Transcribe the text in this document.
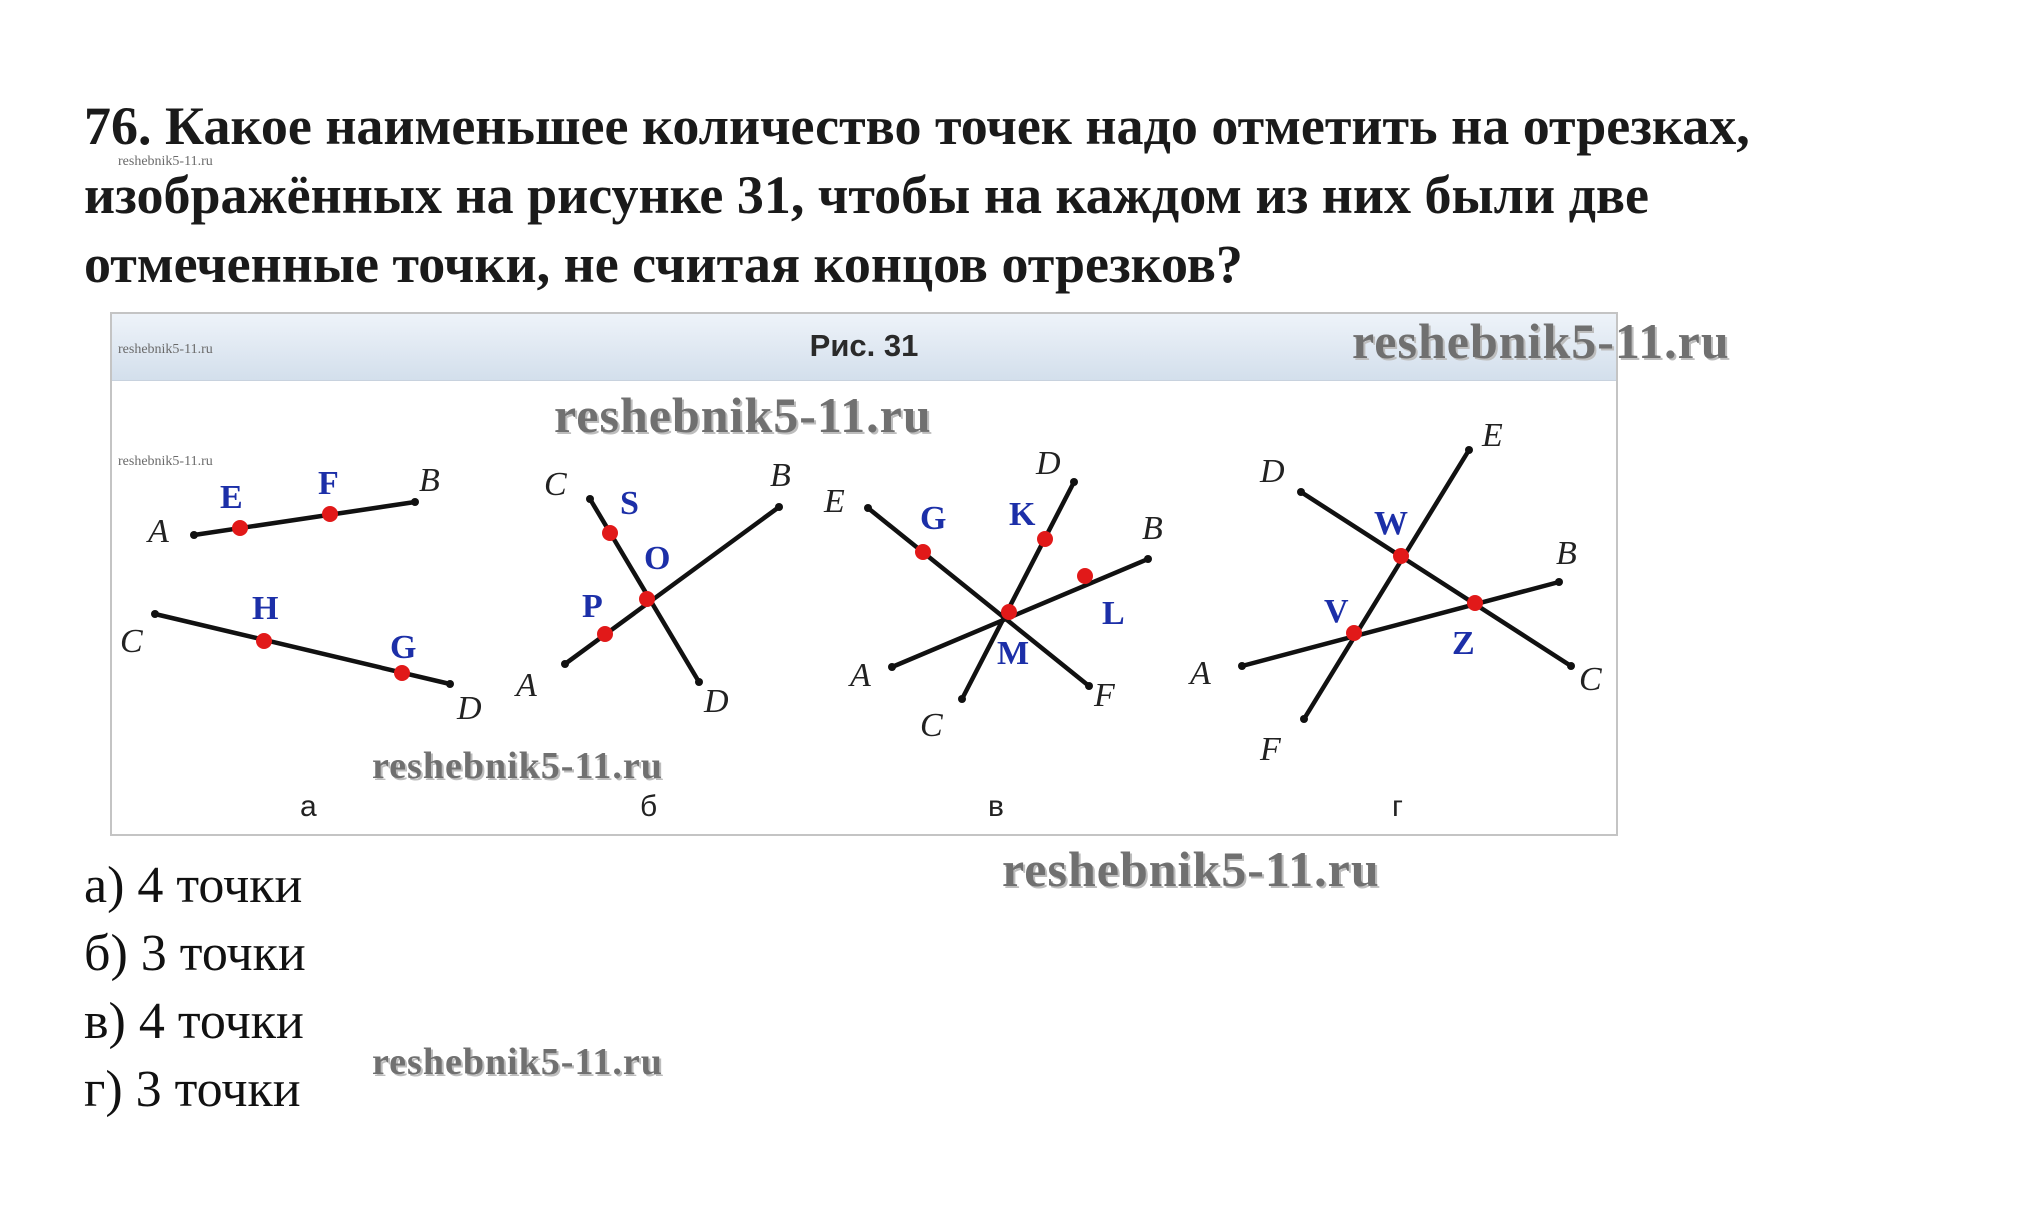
76. Какое наименьшее количество точек надо отметить на отрезках,
изображённых на рисунке 31, чтобы на каждом из них были две
отмеченные точки, не считая концов отрезков?
Рис. 31
A
B
C
D
E F
H
G
а
C	B
A	D
S
O
P
б
E
D
B
A
C
F
G K
L
M
в
D
E
B
C
A
F
W
V
Z
г
а) 4 точки
б) 3 точки
в) 4 точки
г) 3 точки
reshebnik5-11.ru
reshebnik5-11.ru
reshebnik5-11.ru
reshebnik5-11.ru
reshebnik5-11.ru
reshebnik5-11.ru
reshebnik5-11.ru
reshebnik5-11.ru
